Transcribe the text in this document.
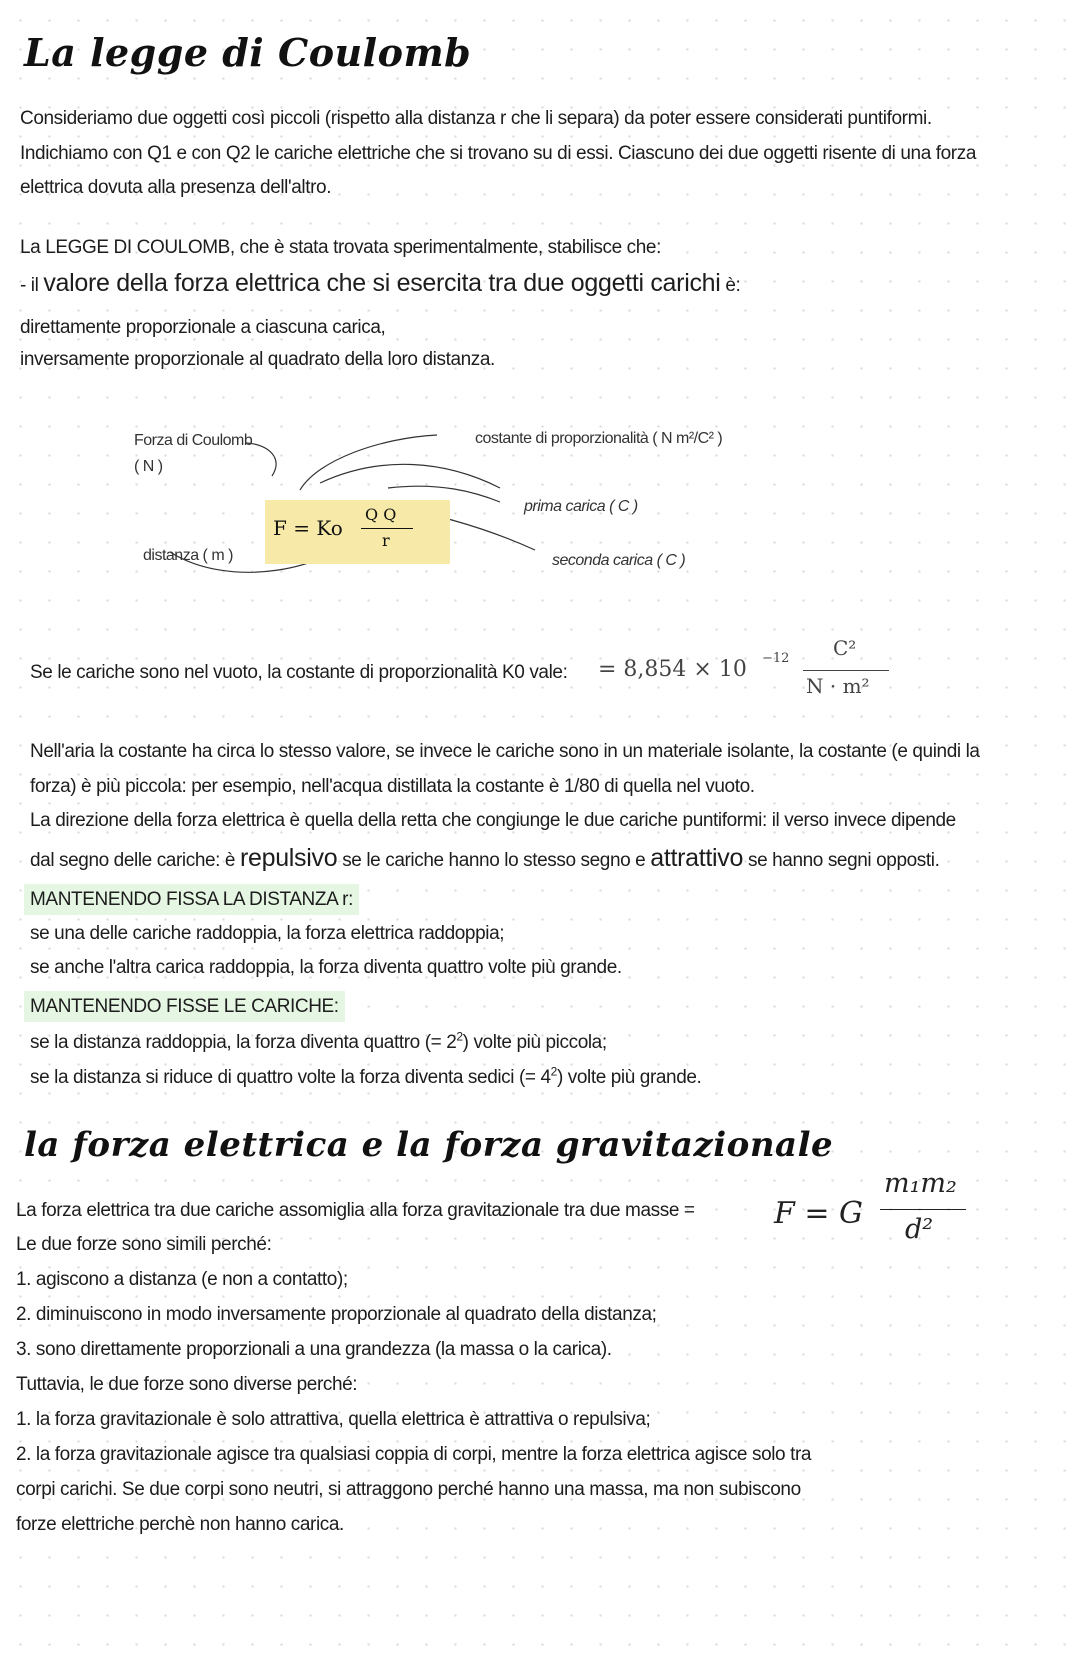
La legge di Coulomb

Consideriamo due oggetti così piccoli (rispetto alla distanza r che li separa) da poter essere considerati puntiformi.

Indichiamo con Q1 e con Q2 le cariche elettriche che si trovano su di essi. Ciascuno dei due oggetti risente di una forza

elettrica dovuta alla presenza dell'altro.

La LEGGE DI COULOMB, che è stata trovata sperimentalmente, stabilisce che:

- il valore della forza elettrica che si esercita tra due oggetti carichi è:

direttamente proporzionale a ciascuna carica,

inversamente proporzionale al quadrato della loro distanza.

Forza di Coulomb
( N )
costante di proporzionalità ( N m²/C² )
F = Ko
Q Q
r
prima carica ( C )
seconda carica ( C )
distanza ( m )

Se le cariche sono nel vuoto, la costante di proporzionalità K0 vale:	= 8,854 × 10 −12 C²
N · m²

Nell'aria la costante ha circa lo stesso valore, se invece le cariche sono in un materiale isolante, la costante (e quindi la

forza) è più piccola: per esempio, nell'acqua distillata la costante è 1/80 di quella nel vuoto.

La direzione della forza elettrica è quella della retta che congiunge le due cariche puntiformi: il verso invece dipende

dal segno delle cariche: è repulsivo se le cariche hanno lo stesso segno e attrattivo se hanno segni opposti.

MANTENENDO FISSA LA DISTANZA r:

se una delle cariche raddoppia, la forza elettrica raddoppia;

se anche l'altra carica raddoppia, la forza diventa quattro volte più grande.

MANTENENDO FISSE LE CARICHE:

se la distanza raddoppia, la forza diventa quattro (= $2^2$) volte più piccola;

se la distanza si riduce di quattro volte la forza diventa sedici (= $4^2$) volte più grande.

la forza elettrica e la forza gravitazionale

La forza elettrica tra due cariche assomiglia alla forza gravitazionale tra due masse =	F = G
m₁m₂
d²

Le due forze sono simili perché:

1. agiscono a distanza (e non a contatto);

2. diminuiscono in modo inversamente proporzionale al quadrato della distanza;

3. sono direttamente proporzionali a una grandezza (la massa o la carica).

Tuttavia, le due forze sono diverse perché:

1. la forza gravitazionale è solo attrattiva, quella elettrica è attrattiva o repulsiva;

2. la forza gravitazionale agisce tra qualsiasi coppia di corpi, mentre la forza elettrica agisce solo tra

corpi carichi. Se due corpi sono neutri, si attraggono perché hanno una massa, ma non subiscono

forze elettriche perchè non hanno carica.
